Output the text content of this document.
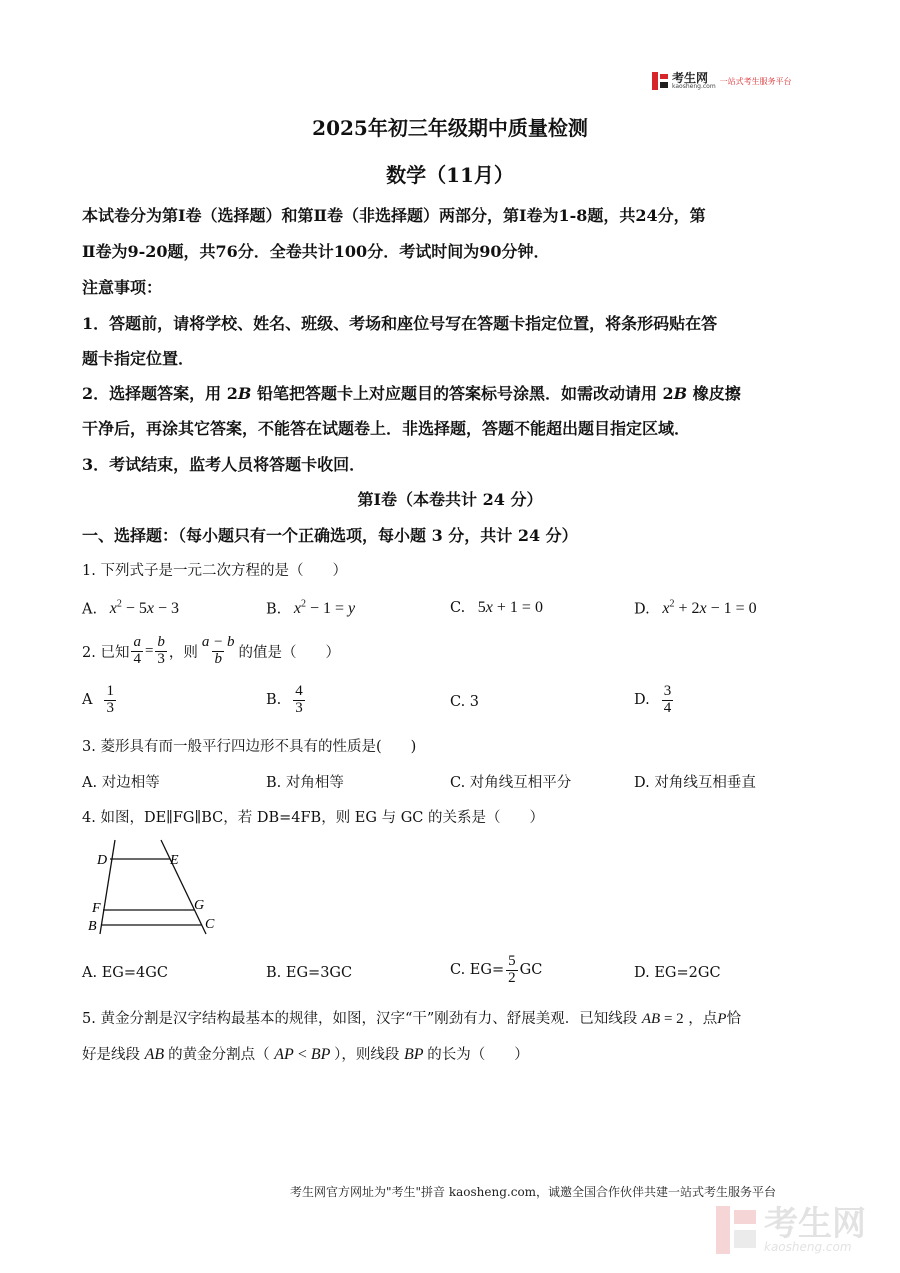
考生网
kaosheng.com
一站式考生服务平台
2025年初三年级期中质量检测
数学（11月）
本试卷分为第Ⅰ卷（选择题）和第Ⅱ卷（非选择题）两部分，第Ⅰ卷为1-8题，共24分，第
Ⅱ卷为9-20题，共76分．全卷共计100分．考试时间为90分钟．
注意事项：
1．答题前，请将学校、姓名、班级、考场和座位号写在答题卡指定位置，将条形码贴在答
题卡指定位置．
2．选择题答案，用 2B 铅笔把答题卡上对应题目的答案标号涂黑．如需改动请用 2B 橡皮擦
干净后，再涂其它答案，不能答在试题卷上．非选择题，答题不能超出题目指定区域．
3．考试结束，监考人员将答题卡收回．
第Ⅰ卷（本卷共计 24 分）
一、选择题：（每小题只有一个正确选项，每小题 3 分，共计 24 分）
1. 下列式子是一元二次方程的是（　　）
A. $x^2 - 5x - 3$	B. $x^2 - 1 = y$	C. 5x + 1 = 0	D. $x^2 + 2x - 1 = 0$
2. 已知 $\frac{a}{4} = \frac{b}{3}$ ，则 $\frac{a - b}{b}$ 的值是（　　）
A $\frac{1}{3}$	B. $\frac{4}{3}$	C. 3	D. $\frac{3}{4}$
3. 菱形具有而一般平行四边形不具有的性质是(　　)
A. 对边相等	B. 对角相等	C. 对角线互相平分	D. 对角线互相垂直
4. 如图，DE∥FG∥BC，若 DB=4FB，则 EG 与 GC 的关系是（　　）
D	E
F	G
B	C
A. EG=4GC	B. EG=3GC	C. $EG= \frac{5}{2}$ GC	D. EG=2GC
5. 黄金分割是汉字结构最基本的规律，如图，汉字“干”刚劲有力、舒展美观．已知线段 AB = 2 ，点P恰
好是线段 AB 的黄金分割点（ AP < BP ），则线段 BP 的长为（　　）
考生网官方网址为"考生"拼音 kaosheng.com，诚邀全国合作伙伴共建一站式考生服务平台
考生网
kaosheng.com
